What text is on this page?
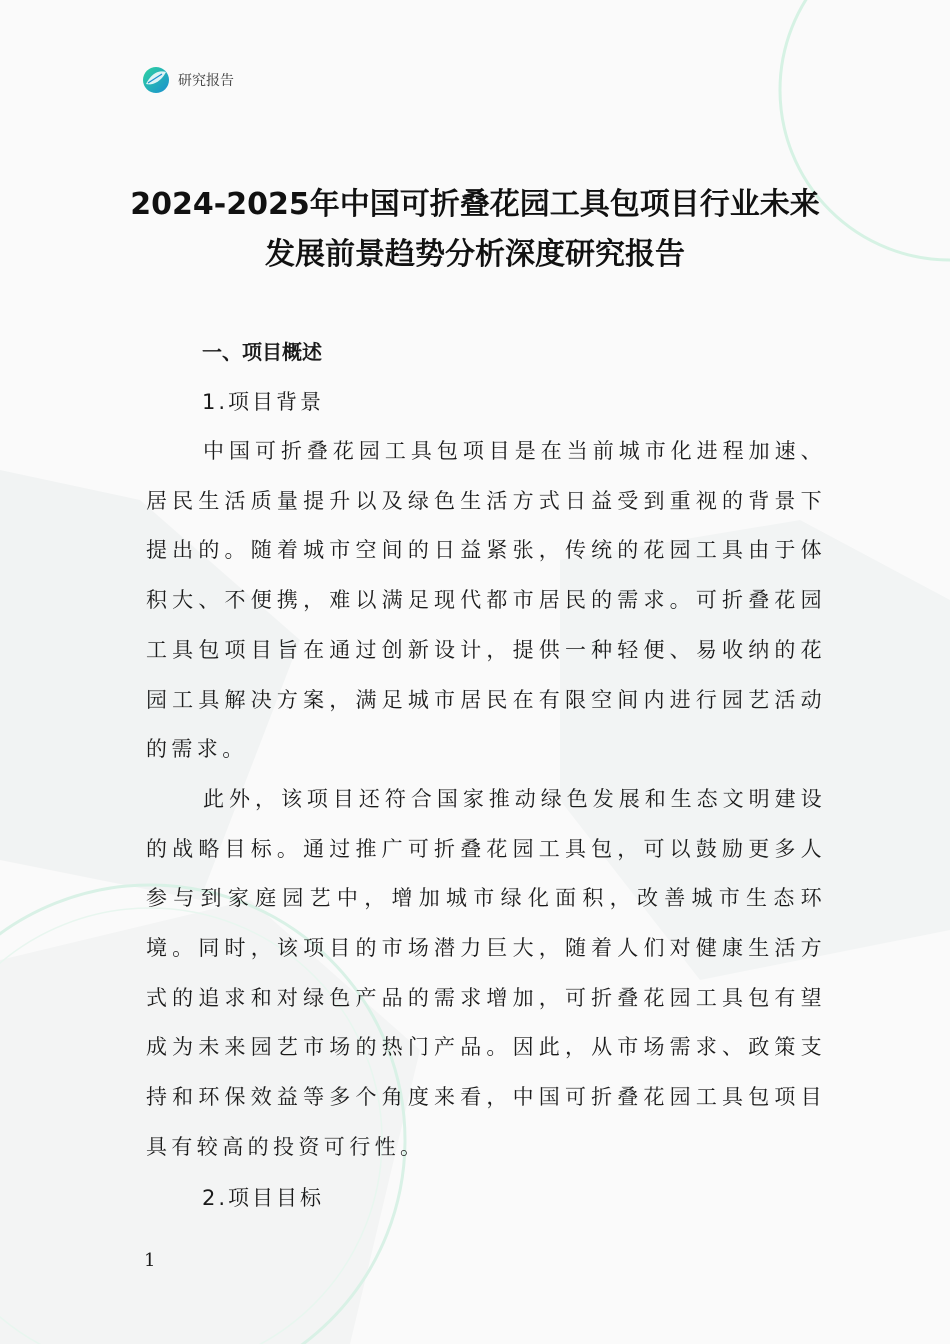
研究报告
2024-2025年中国可折叠花园工具包项目行业未来发展前景趋势分析深度研究报告

一、项目概述

1.项目背景

中国可折叠花园工具包项目是在当前城市化进程加速、居民生活质量提升以及绿色生活方式日益受到重视的背景下提出的。随着城市空间的日益紧张，传统的花园工具由于体积大、不便携，难以满足现代都市居民的需求。可折叠花园工具包项目旨在通过创新设计，提供一种轻便、易收纳的花园工具解决方案，满足城市居民在有限空间内进行园艺活动的需求。

此外，该项目还符合国家推动绿色发展和生态文明建设的战略目标。通过推广可折叠花园工具包，可以鼓励更多人参与到家庭园艺中，增加城市绿化面积，改善城市生态环境。同时，该项目的市场潜力巨大，随着人们对健康生活方式的追求和对绿色产品的需求增加，可折叠花园工具包有望成为未来园艺市场的热门产品。因此，从市场需求、政策支持和环保效益等多个角度来看，中国可折叠花园工具包项目具有较高的投资可行性。

2.项目目标

1
